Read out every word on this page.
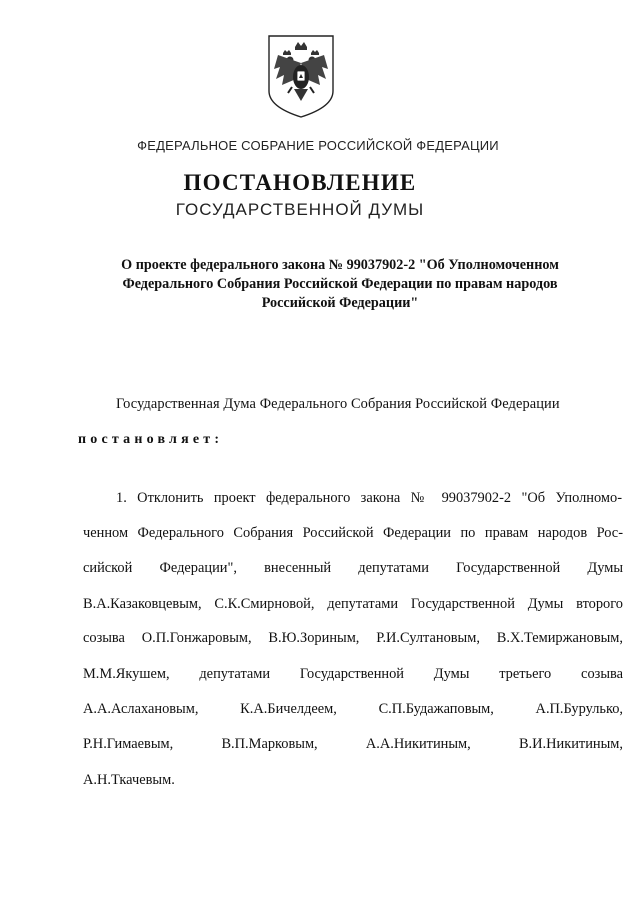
ФЕДЕРАЛЬНОЕ СОБРАНИЕ РОССИЙСКОЙ ФЕДЕРАЦИИ
ПОСТАНОВЛЕНИЕ
ГОСУДАРСТВЕННОЙ ДУМЫ
О проекте федерального закона № 99037902-2 "Об Уполномоченном
Федерального Собрания Российской Федерации по правам народов
Российской Федерации"
Государственная Дума Федерального Собрания Российской Федерации
постановляет:
1. Отклонить проект федерального закона № 99037902-2 "Об Уполномо-
ченном Федерального Собрания Российской Федерации по правам народов Рос-
сийской Федерации", внесенный депутатами Государственной Думы
В.А.Казаковцевым, С.К.Смирновой, депутатами Государственной Думы второго
созыва О.П.Гонжаровым, В.Ю.Зориным, Р.И.Султановым, В.Х.Темиржановым,
М.М.Якушем, депутатами Государственной Думы третьего созыва
А.А.Аслахановым, К.А.Бичелдеем, С.П.Будажаповым, А.П.Бурулько,
Р.Н.Гимаевым, В.П.Марковым, А.А.Никитиным, В.И.Никитиным,
А.Н.Ткачевым.
